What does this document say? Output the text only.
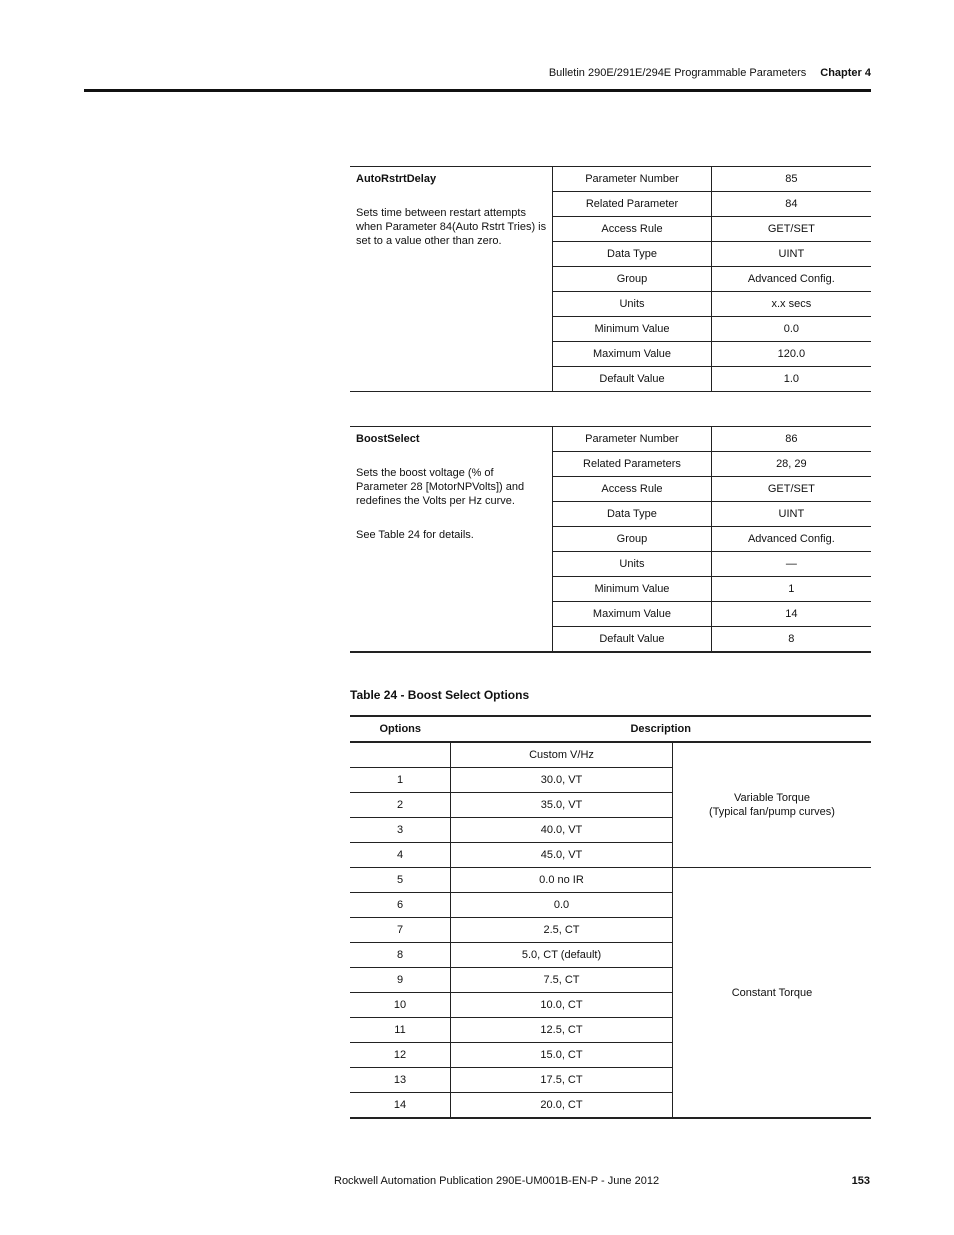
Bulletin 290E/291E/294E Programmable Parameters Chapter 4
AutoRstrtDelay

Sets time between restart attempts when Parameter 84(Auto Rstrt Tries) is set to a value other than zero.	Parameter Number	85
	Related Parameter	84
	Access Rule	GET/SET
	Data Type	UINT
	Group	Advanced Config.
	Units	x.x secs
	Minimum Value	0.0
	Maximum Value	120.0
	Default Value	1.0
BoostSelect

Sets the boost voltage (% of Parameter 28 [MotorNPVolts]) and redefines the Volts per Hz curve.

See Table 24 for details.	Parameter Number	86
	Related Parameters	28, 29
	Access Rule	GET/SET
	Data Type	UINT
	Group	Advanced Config.
	Units	—
	Minimum Value	1
	Maximum Value	14
	Default Value	8
Table 24 - Boost Select Options
Options	Description	
	Custom V/Hz	Variable Torque
(Typical fan/pump curves)
1	30.0, VT	
2	35.0, VT	
3	40.0, VT	
4	45.0, VT	
5	0.0 no IR	Constant Torque
6	0.0	
7	2.5, CT	
8	5.0, CT (default)	
9	7.5, CT	
10	10.0, CT	
11	12.5, CT	
12	15.0, CT	
13	17.5, CT	
14	20.0, CT	
Rockwell Automation Publication 290E-UM001B-EN-P - June 2012	153
